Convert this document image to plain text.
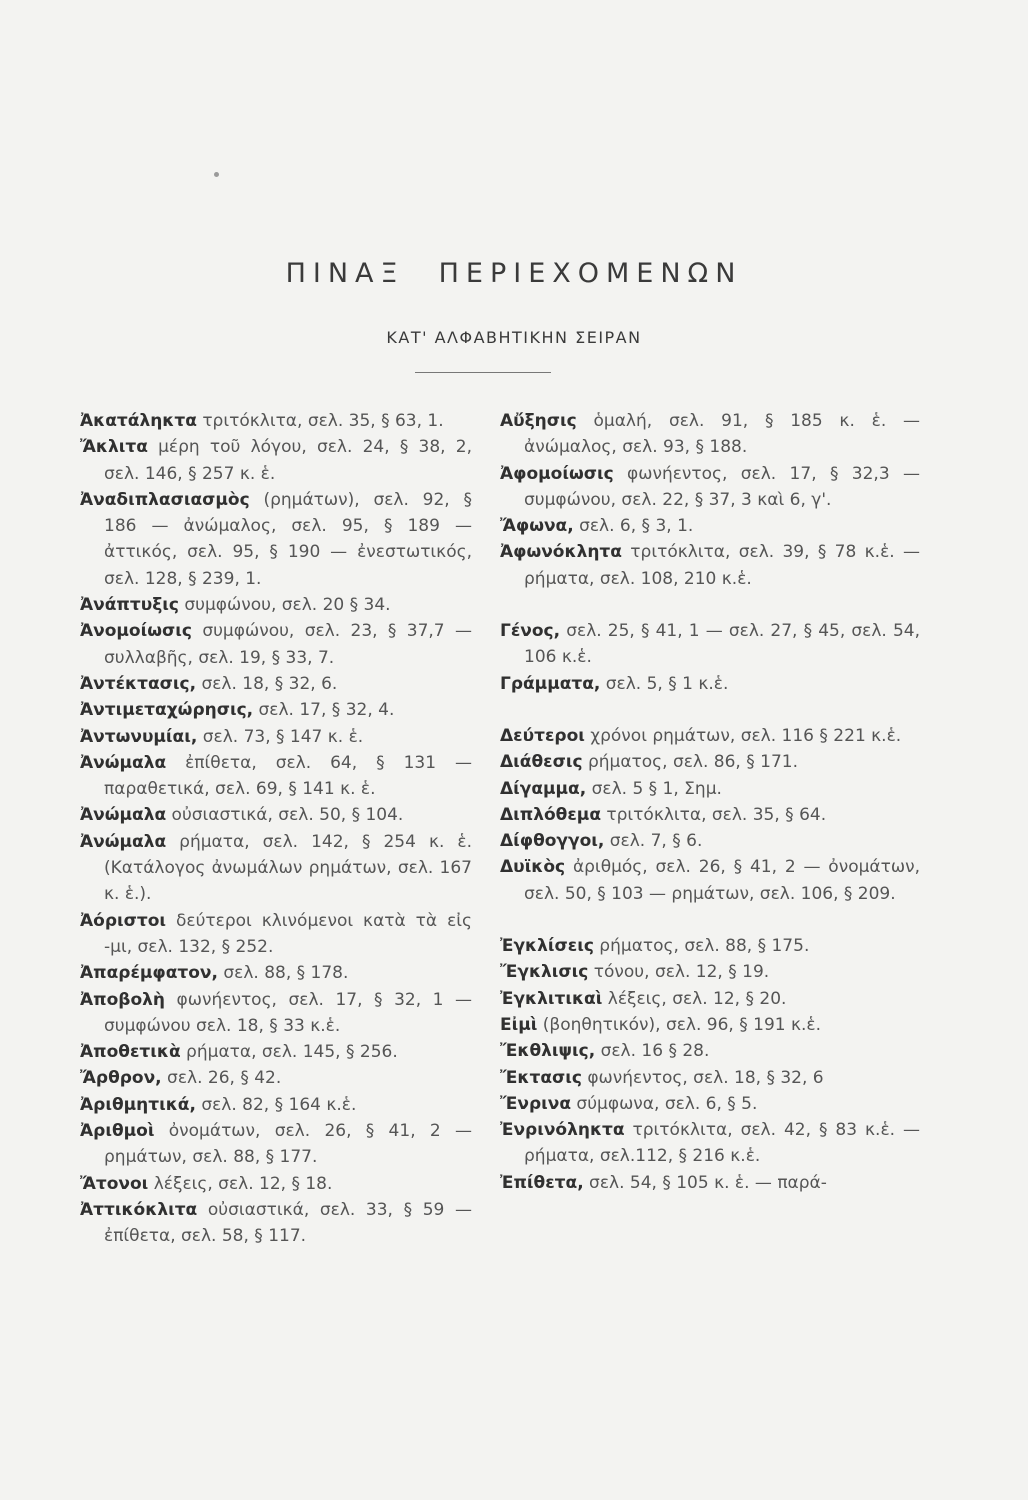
ΠΙΝΑΞ ΠΕΡΙΕΧΟΜΕΝΩΝ
ΚΑΤ' ΑΛΦΑΒΗΤΙΚΗΝ ΣΕΙΡΑΝ
Ἀκατάληκτα τριτόκλιτα, σελ. 35, § 63, 1.
Ἄκλιτα μέρη τοῦ λόγου, σελ. 24, § 38, 2, σελ. 146, § 257 κ. ἑ.
Ἀναδιπλασιασμὸς (ρημάτων), σελ. 92, § 186 — ἀνώμαλος, σελ. 95, § 189 — ἀττικός, σελ. 95, § 190 — ἐνεστωτικός, σελ. 128, § 239, 1.
Ἀνάπτυξις συμφώνου, σελ. 20 § 34.
Ἀνομοίωσις συμφώνου, σελ. 23, § 37,7 — συλλαβῆς, σελ. 19, § 33, 7.
Ἀντέκτασις, σελ. 18, § 32, 6.
Ἀντιμεταχώρησις, σελ. 17, § 32, 4.
Ἀντωνυμίαι, σελ. 73, § 147 κ. ἑ.
Ἀνώμαλα ἐπίθετα, σελ. 64, § 131 — παραθετικά, σελ. 69, § 141 κ. ἑ.
Ἀνώμαλα οὐσιαστικά, σελ. 50, § 104.
Ἀνώμαλα ρήματα, σελ. 142, § 254 κ. ἑ. (Κατάλογος ἀνωμάλων ρημάτων, σελ. 167 κ. ἑ.).
Ἀόριστοι δεύτεροι κλινόμενοι κατὰ τὰ εἰς -μι, σελ. 132, § 252.
Ἀπαρέμφατον, σελ. 88, § 178.
Ἀποβολὴ φωνήεντος, σελ. 17, § 32, 1 — συμφώνου σελ. 18, § 33 κ.ἑ.
Ἀποθετικὰ ρήματα, σελ. 145, § 256.
Ἄρθρον, σελ. 26, § 42.
Ἀριθμητικά, σελ. 82, § 164 κ.ἑ.
Ἀριθμοὶ ὀνομάτων, σελ. 26, § 41, 2 — ρημάτων, σελ. 88, § 177.
Ἄτονοι λέξεις, σελ. 12, § 18.
Ἀττικόκλιτα οὐσιαστικά, σελ. 33, § 59 — ἐπίθετα, σελ. 58, § 117.
Αὔξησις ὁμαλή, σελ. 91, § 185 κ. ἑ. — ἀνώμαλος, σελ. 93, § 188.
Ἀφομοίωσις φωνήεντος, σελ. 17, § 32,3 — συμφώνου, σελ. 22, § 37, 3 καὶ 6, γ'.
Ἄφωνα, σελ. 6, § 3, 1.
Ἀφωνόκλητα τριτόκλιτα, σελ. 39, § 78 κ.ἑ. — ρήματα, σελ. 108, 210 κ.ἑ.
Γένος, σελ. 25, § 41, 1 — σελ. 27, § 45, σελ. 54, 106 κ.ἑ.
Γράμματα, σελ. 5, § 1 κ.ἑ.
Δεύτεροι χρόνοι ρημάτων, σελ. 116 § 221 κ.ἑ.
Διάθεσις ρήματος, σελ. 86, § 171.
Δίγαμμα, σελ. 5 § 1, Σημ.
Διπλόθεμα τριτόκλιτα, σελ. 35, § 64.
Δίφθογγοι, σελ. 7, § 6.
Δυϊκὸς ἀριθμός, σελ. 26, § 41, 2 — ὀνομάτων, σελ. 50, § 103 — ρημάτων, σελ. 106, § 209.
Ἐγκλίσεις ρήματος, σελ. 88, § 175.
Ἔγκλισις τόνου, σελ. 12, § 19.
Ἐγκλιτικαὶ λέξεις, σελ. 12, § 20.
Εἰμὶ (βοηθητικόν), σελ. 96, § 191 κ.ἑ.
Ἔκθλιψις, σελ. 16 § 28.
Ἔκτασις φωνήεντος, σελ. 18, § 32, 6
Ἔνρινα σύμφωνα, σελ. 6, § 5.
Ἐνρινόληκτα τριτόκλιτα, σελ. 42, § 83 κ.ἑ. — ρήματα, σελ.112, § 216 κ.ἑ.
Ἐπίθετα, σελ. 54, § 105 κ. ἑ. — παρά-
